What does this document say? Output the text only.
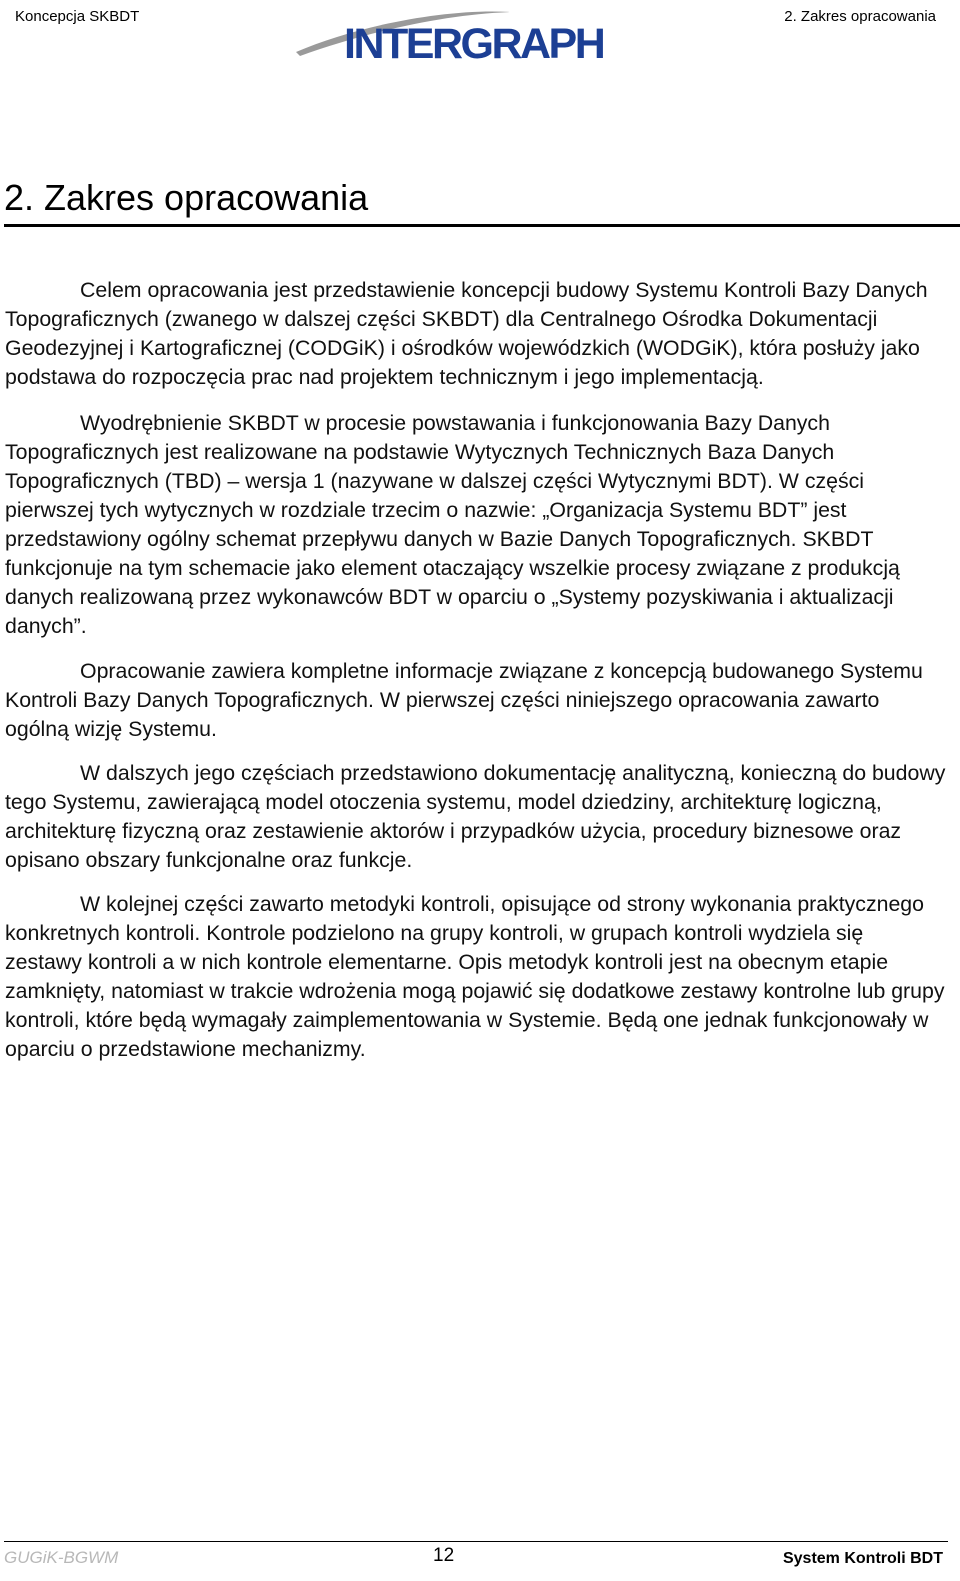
Koncepcja SKBDT
INTERGRAPH
2. Zakres opracowania
2. Zakres opracowania

Celem opracowania jest przedstawienie koncepcji budowy Systemu Kontroli Bazy Danych Topograficznych (zwanego w dalszej części SKBDT) dla Centralnego Ośrodka Dokumentacji Geodezyjnej i Kartograficznej (CODGiK) i ośrodków wojewódzkich (WODGiK), która posłuży jako podstawa do rozpoczęcia prac nad projektem technicznym i jego implementacją.

Wyodrębnienie SKBDT w procesie powstawania i funkcjonowania Bazy Danych Topograficznych jest realizowane na podstawie Wytycznych Technicznych Baza Danych Topograficznych (TBD) – wersja 1 (nazywane w dalszej części Wytycznymi BDT). W części pierwszej tych wytycznych w rozdziale trzecim o nazwie: „Organizacja Systemu BDT” jest przedstawiony ogólny schemat przepływu danych w Bazie Danych Topograficznych. SKBDT funkcjonuje na tym schemacie jako element otaczający wszelkie procesy związane z produkcją danych realizowaną przez wykonawców BDT w oparciu o „Systemy pozyskiwania i aktualizacji danych”.

Opracowanie zawiera kompletne informacje związane z koncepcją budowanego Systemu Kontroli Bazy Danych Topograficznych. W pierwszej części niniejszego opracowania zawarto ogólną wizję Systemu.

W dalszych jego częściach przedstawiono dokumentację analityczną, konieczną do budowy tego Systemu, zawierającą model otoczenia systemu, model dziedziny, architekturę logiczną, architekturę fizyczną oraz zestawienie aktorów i przypadków użycia, procedury biznesowe oraz opisano obszary funkcjonalne oraz funkcje.

W kolejnej części zawarto metodyki kontroli, opisujące od strony wykonania praktycznego konkretnych kontroli. Kontrole podzielono na grupy kontroli, w grupach kontroli wydziela się zestawy kontroli a w nich kontrole elementarne. Opis metodyk kontroli jest na obecnym etapie zamknięty, natomiast w trakcie wdrożenia mogą pojawić się dodatkowe zestawy kontrolne lub grupy kontroli, które będą wymagały zaimplementowania w Systemie. Będą one jednak funkcjonowały w oparciu o przedstawione mechanizmy.

GUGiK-BGWM	12	System Kontroli BDT
